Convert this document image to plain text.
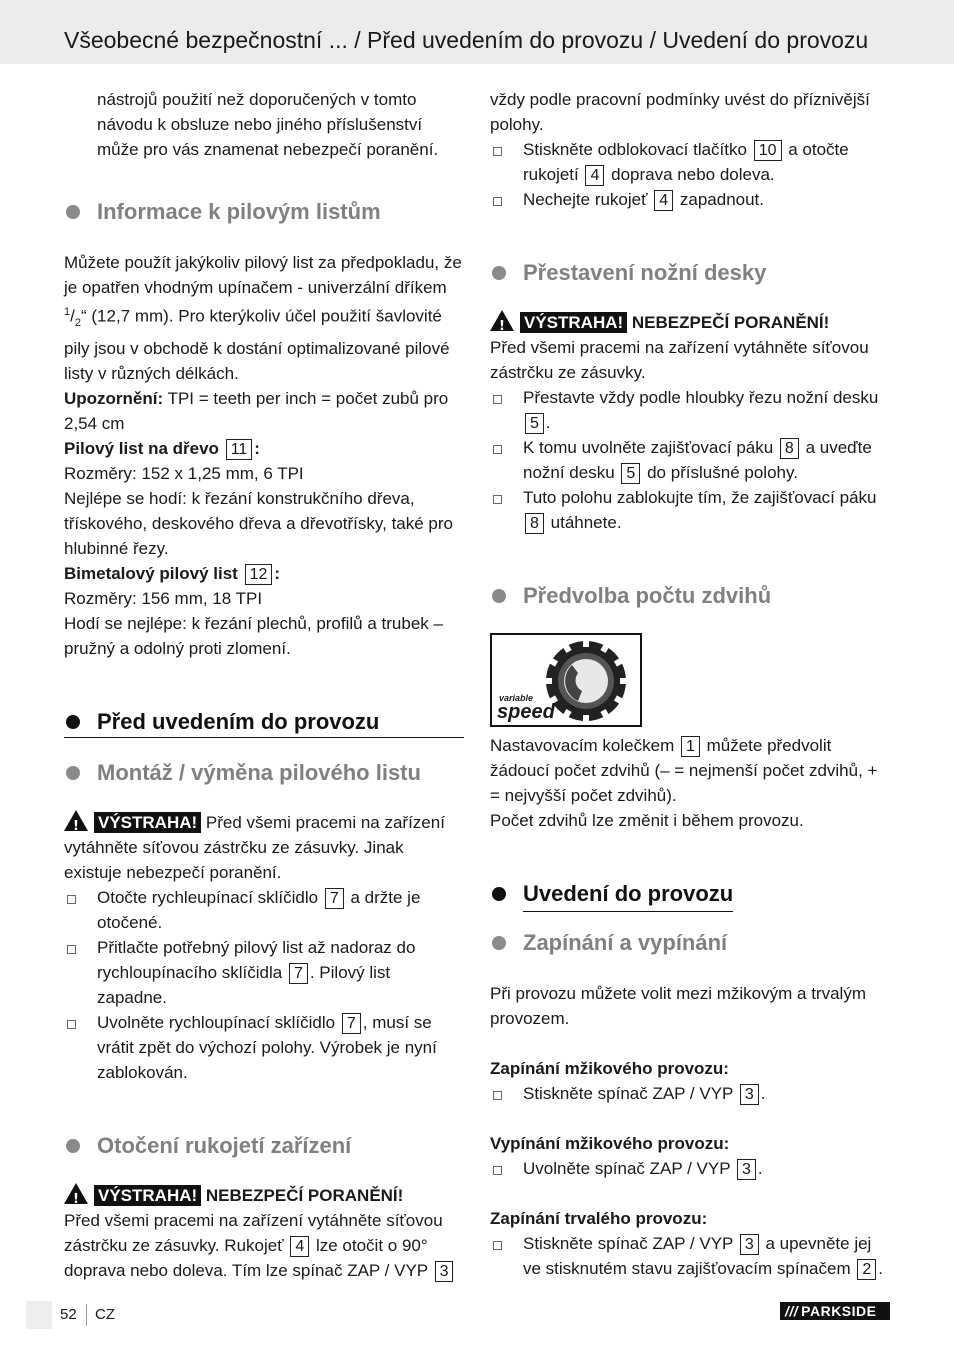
Všeobecné bezpečnostní ... / Před uvedením do provozu / Uvedení do provozu

nástrojů použití než doporučených v tomto návodu k obsluze nebo jiného příslušenství může pro vás znamenat nebezpečí poranění.

Informace k pilovým listům

Můžete použít jakýkoliv pilový list za předpokladu, že je opatřen vhodným upínačem - univerzální dříkem $^1/_2“$ (12,7 mm). Pro kterýkoliv účel použití šavlovité pily jsou v obchodě k dostání optimalizované pilové listy v různých délkách.

Upozornění: TPI = teeth per inch = počet zubů pro 2,54 cm

Pilový list na dřevo 11 :

Rozměry: 152 x 1,25 mm, 6 TPI

Nejlépe se hodí: k řezání konstrukčního dřeva, třískového, deskového dřeva a dřevotřísky, také pro hlubinné řezy.

Bimetalový pilový list 12 :

Rozměry: 156 mm, 18 TPI

Hodí se nejlépe: k řezání plechů, profilů a trubek – pružný a odolný proti zlomení.

Před uvedením do provozu
Montáž / výměna pilového listu

! VÝSTRAHA! Před všemi pracemi na zařízení vytáhněte síťovou zástrčku ze zásuvky. Jinak existuje nebezpečí poranění.

Otočte rychleupínací sklíčidlo 7 a držte je otočené.
Přitlačte potřebný pilový list až nadoraz do rychloupínacího sklíčidla 7 . Pilový list zapadne.
Uvolněte rychloupínací sklíčidlo 7 , musí se vrátit zpět do výchozí polohy. Výrobek je nyní zablokován.
Otočení rukojetí zařízení

! VÝSTRAHA! NEBEZPEČÍ PORANĚNÍ!

Před všemi pracemi na zařízení vytáhněte síťovou zástrčku ze zásuvky. Rukojeť 4 lze otočit o 90° doprava nebo doleva. Tím lze spínač ZAP / VYP 3

vždy podle pracovní podmínky uvést do příznivější polohy.

Stiskněte odblokovací tlačítko 10 a otočte rukojetí 4 doprava nebo doleva.
Nechejte rukojeť 4 zapadnout.
Přestavení nožní desky

! VÝSTRAHA! NEBEZPEČÍ PORANĚNÍ!

Před všemi pracemi na zařízení vytáhněte síťovou zástrčku ze zásuvky.

Přestavte vždy podle hloubky řezu nožní desku 5 .
K tomu uvolněte zajišťovací páku 8 a uveďte nožní desku 5 do příslušné polohy.
Tuto polohu zablokujte tím, že zajišťovací páku 8 utáhnete.
Předvolba počtu zdvihů
variable
speed

Nastavovacím kolečkem 1 můžete předvolit žádoucí počet zdvihů (– = nejmenší počet zdvihů, + = nejvyšší počet zdvihů).

Počet zdvihů lze změnit i během provozu.

Uvedení do provozu
Zapínání a vypínání

Při provozu můžete volit mezi mžikovým a trvalým provozem.

Zapínání mžikového provozu:

Stiskněte spínač ZAP / VYP 3 .

Vypínání mžikového provozu:

Uvolněte spínač ZAP / VYP 3 .

Zapínání trvalého provozu:

Stiskněte spínač ZAP / VYP 3 a upevněte jej ve stisknutém stavu zajišťovacím spínačem 2 .
52 CZ	/// PARKSIDE
